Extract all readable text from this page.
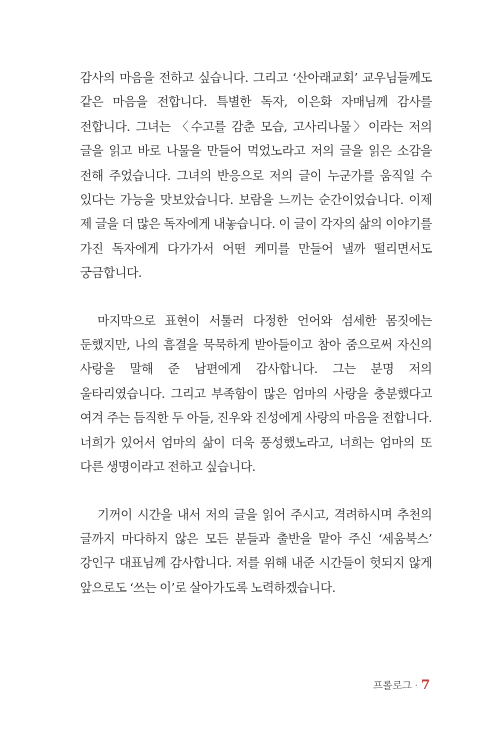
감사의 마음을 전하고 싶습니다. 그리고 ‘산아래교회’ 교우님들께도 같은 마음을 전합니다. 특별한 독자, 이은화 자매님께 감사를 전합니다. 그녀는 〈수고를 감춘 모습, 고사리나물〉이라는 저의 글을 읽고 바로 나물을 만들어 먹었노라고 저의 글을 읽은 소감을 전해 주었습니다. 그녀의 반응으로 저의 글이 누군가를 움직일 수 있다는 가능을 맛보았습니다. 보람을 느끼는 순간이었습니다. 이제 제 글을 더 많은 독자에게 내놓습니다. 이 글이 각자의 삶의 이야기를 가진 독자에게 다가가서 어떤 케미를 만들어 낼까 떨리면서도 궁금합니다.

마지막으로 표현이 서툴러 다정한 언어와 섬세한 몸짓에는 둔했지만, 나의 흠결을 묵묵하게 받아들이고 참아 줌으로써 자신의 사랑을 말해 준 남편에게 감사합니다. 그는 분명 저의 울타리였습니다. 그리고 부족함이 많은 엄마의 사랑을 충분했다고 여겨 주는 듬직한 두 아들, 진우와 진성에게 사랑의 마음을 전합니다. 너희가 있어서 엄마의 삶이 더욱 풍성했노라고, 너희는 엄마의 또 다른 생명이라고 전하고 싶습니다.

기꺼이 시간을 내서 저의 글을 읽어 주시고, 격려하시며 추천의 글까지 마다하지 않은 모든 분들과 출반을 맡아 주신 ‘세움북스’ 강인구 대표님께 감사합니다. 저를 위해 내준 시간들이 헛되지 않게 앞으로도 ‘쓰는 이’로 살아가도록 노력하겠습니다.

프롤로그 · 7
